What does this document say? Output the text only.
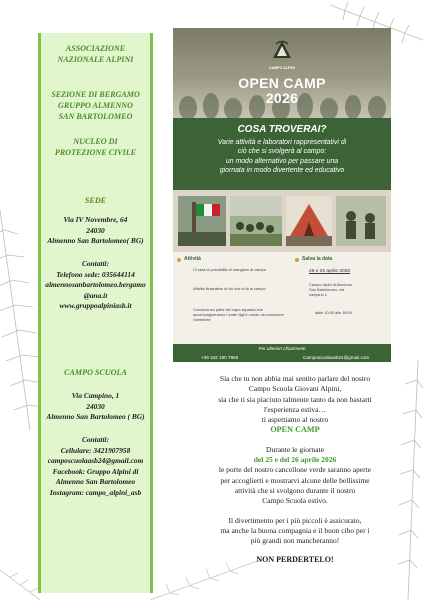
ASSOCIAZIONE

NAZIONALE ALPINI

SEZIONE DI BERGAMO

GRUPPO ALMENNO

SAN BARTOLOMEO

NUCLEO DI

PROTEZIONE CIVILE

SEDE
Via IV Novembre, 64
24030
Almenno San Bartolomeo( BG)
Contatti:
Telefono sede: 035644114
almennosanbartolomeo.bergamo
@ana.it
www.gruppoalpiniasb.it
CAMPO SCUOLA
Via Campino, 1
24030
Almenno San Bartolomeo ( BG)
Contatti:
Cellulare: 3421907958
camposcuolaasb24@gmail.com
Facebook: Gruppo Alpini di
Almenno San Bartolomeo
Instagram: campo_alpini_asb
CAMPO ALPINI
OPEN CAMP
2026
COSA TROVERAI?
Varie attività e laboratori rappresentativi di
ciò che si svolgerà al campo:
un modo alternativo per passare una
giornata in modo divertente ed educativo
Attività
Ci sarà la possibilità di mangiare al campo
Attività illustrative di ciò che si fa al campo
Conoscenza parte del capo squadra che accompagneranno i vostri figli in modo da conoscere l'ambiente
Salva la data
25 e 26 aprile 2026
Campo alpini di Almenno
San Bartolomeo, via
campino 1
dalle 10:00 alle 18:00
Per ulteriori chiarimenti
+39 342 190 7958	Camposcuolaasb24@gmail.com

Sia che tu non abbia mai sentito parlare del nostro

Campo Scuola Giovani Alpini,

sia che ti sia piaciuto talmente tanto da non bastarti

l'esperienza estiva…

ti aspettiamo al nostro

OPEN CAMP

Durante le giornate

del 25 e del 26 aprile 2026

le porte del nostro cancellone verde saranno aperte

per accoglierti e mostrarvi alcune delle bellissime

attività che si svolgono durante il nostro

Campo Scuola estivo.

Il divertimento per i più piccoli è assicurato,

ma anche la buona compagnia e il buon cibo per i

più grandi non mancheranno!

NON PERDERTELO!
